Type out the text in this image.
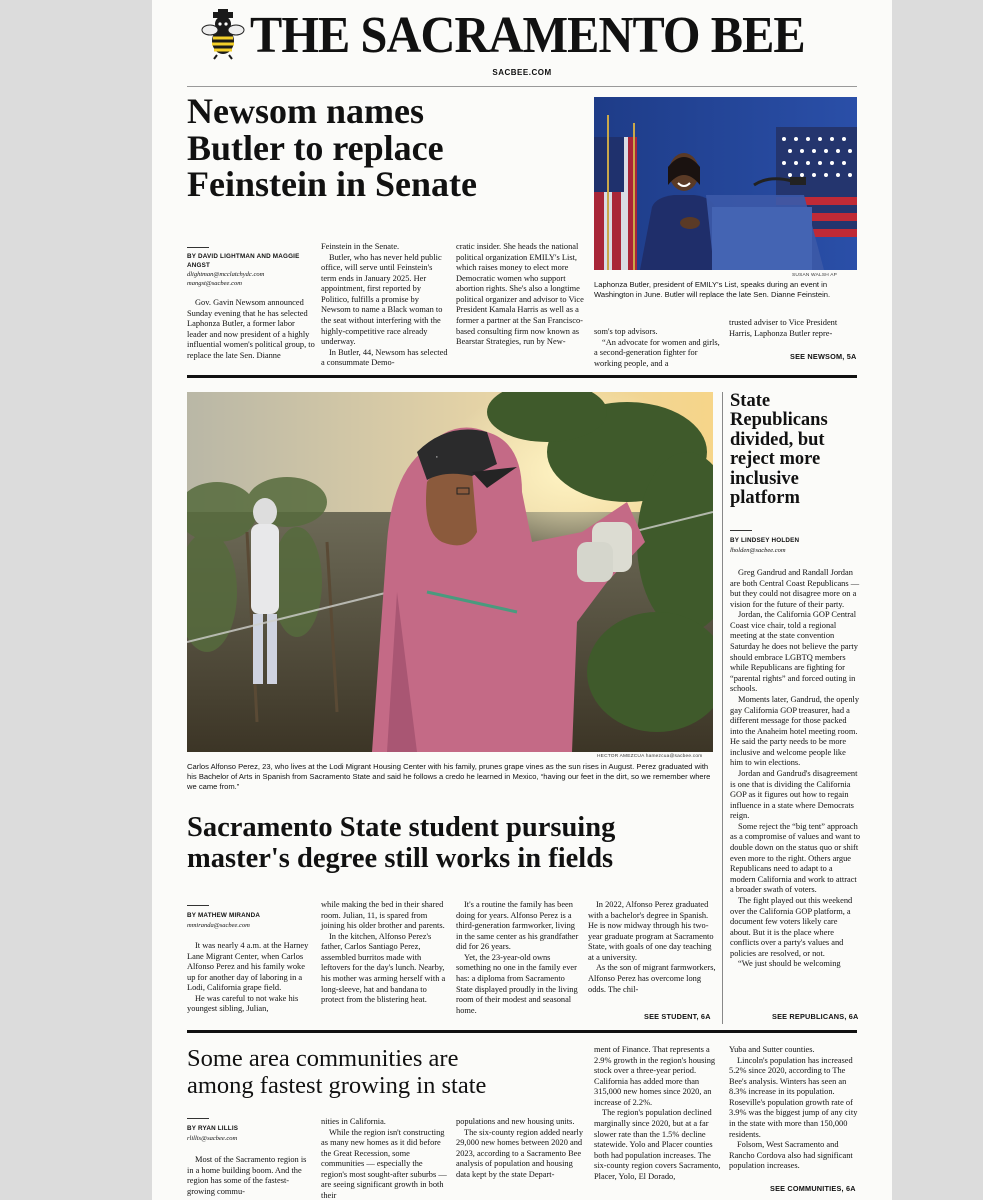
THE SACRAMENTO BEE
SACBEE.COM
Newsom names
Butler to replace
Feinstein in Senate
SUSAN WALSH AP
Laphonza Butler, president of EMILY's List, speaks during an event in Washington in June. Butler will replace the late Sen. Dianne Feinstein.
BY DAVID LIGHTMAN AND MAGGIE
ANGST
dlightman@mcclatchydc.com
mangst@sacbee.com

Gov. Gavin Newsom announced Sunday evening that he has selected Laphonza Butler, a former labor leader and now president of a highly influential women's political group, to replace the late Sen. Dianne

Feinstein in the Senate.

Butler, who has never held public office, will serve until Feinstein's term ends in January 2025. Her appointment, first reported by Politico, fulfills a promise by Newsom to name a Black woman to the seat without interfering with the highly-competitive race already underway.

In Butler, 44, Newsom has selected a consummate Demo-

cratic insider. She heads the national political organization EMILY's List, which raises money to elect more Democratic women who support abortion rights. She's also a longtime political organizer and advisor to Vice President Kamala Harris as well as a former a partner at the San Francisco-based consulting firm now known as Bearstar Strategies, run by New-

som's top advisors.

“An advocate for women and girls, a second-generation fighter for working people, and a

trusted adviser to Vice President Harris, Laphonza Butler repre-

SEE NEWSOM, 5A
·
HECTOR AMEZCUA hamezcua@sacbee.com
Carlos Alfonso Perez, 23, who lives at the Lodi Migrant Housing Center with his family, prunes grape vines as the sun rises in August. Perez graduated with his Bachelor of Arts in Spanish from Sacramento State and said he follows a credo he learned in Mexico, “having our feet in the dirt, so we remember where we came from.”
Sacramento State student pursuing
master's degree still works in fields
BY MATHEW MIRANDA
mmiranda@sacbee.com

It was nearly 4 a.m. at the Harney Lane Migrant Center, when Carlos Alfonso Perez and his family woke up for another day of laboring in a Lodi, California grape field.

He was careful to not wake his youngest sibling, Julian,

while making the bed in their shared room. Julian, 11, is spared from joining his older brother and parents.

In the kitchen, Alfonso Perez's father, Carlos Santiago Perez, assembled burritos made with leftovers for the day's lunch. Nearby, his mother was arming herself with a long-sleeve, hat and bandana to protect from the blistering heat.

It's a routine the family has been doing for years. Alfonso Perez is a third-generation farmworker, living in the same center as his grandfather did for 26 years.

Yet, the 23-year-old owns something no one in the family ever has: a diploma from Sacramento State displayed proudly in the living room of their modest and seasonal home.

In 2022, Alfonso Perez graduated with a bachelor's degree in Spanish. He is now midway through his two-year graduate program at Sacramento State, with goals of one day teaching at a university.

As the son of migrant farmworkers, Alfonso Perez has overcome long odds. The chil-

SEE STUDENT, 6A
State
Republicans
divided, but
reject more
inclusive
platform
BY LINDSEY HOLDEN
lholden@sacbee.com

Greg Gandrud and Randall Jordan are both Central Coast Republicans — but they could not disagree more on a vision for the future of their party.

Jordan, the California GOP Central Coast vice chair, told a regional meeting at the state convention Saturday he does not believe the party should embrace LGBTQ members while Republicans are fighting for “parental rights” and forced outing in schools.

Moments later, Gandrud, the openly gay California GOP treasurer, had a different message for those packed into the Anaheim hotel meeting room. He said the party needs to be more inclusive and welcome people like him to win elections.

Jordan and Gandrud's disagreement is one that is dividing the California GOP as it figures out how to regain influence in a state where Democrats reign.

Some reject the “big tent” approach as a compromise of values and want to double down on the status quo or shift even more to the right. Others argue Republicans need to adapt to a modern California and work to attract a broader swath of voters.

The fight played out this weekend over the California GOP platform, a document few voters likely care about. But it is the place where conflicts over a party's values and policies are resolved, or not.

“We just should be welcoming

SEE REPUBLICANS, 6A
Some area communities are
among fastest growing in state
BY RYAN LILLIS
rlillis@sacbee.com

Most of the Sacramento region is in a home building boom. And the region has some of the fastest-growing commu-

nities in California.

While the region isn't constructing as many new homes as it did before the Great Recession, some communities — especially the region's most sought-after suburbs — are seeing significant growth in both their

populations and new housing units.

The six-county region added nearly 29,000 new homes between 2020 and 2023, according to a Sacramento Bee analysis of population and housing data kept by the state Depart-

ment of Finance. That represents a 2.9% growth in the region's housing stock over a three-year period. California has added more than 315,000 new homes since 2020, an increase of 2.2%.

The region's population declined marginally since 2020, but at a far slower rate than the 1.5% decline statewide. Yolo and Placer counties both had population increases. The six-county region covers Sacramento, Placer, Yolo, El Dorado,

Yuba and Sutter counties.

Lincoln's population has increased 5.2% since 2020, according to The Bee's analysis. Winters has seen an 8.3% increase in its population. Roseville's population growth rate of 3.9% was the biggest jump of any city in the state with more than 150,000 residents.

Folsom, West Sacramento and Rancho Cordova also had significant population increases.

SEE COMMUNITIES, 6A
